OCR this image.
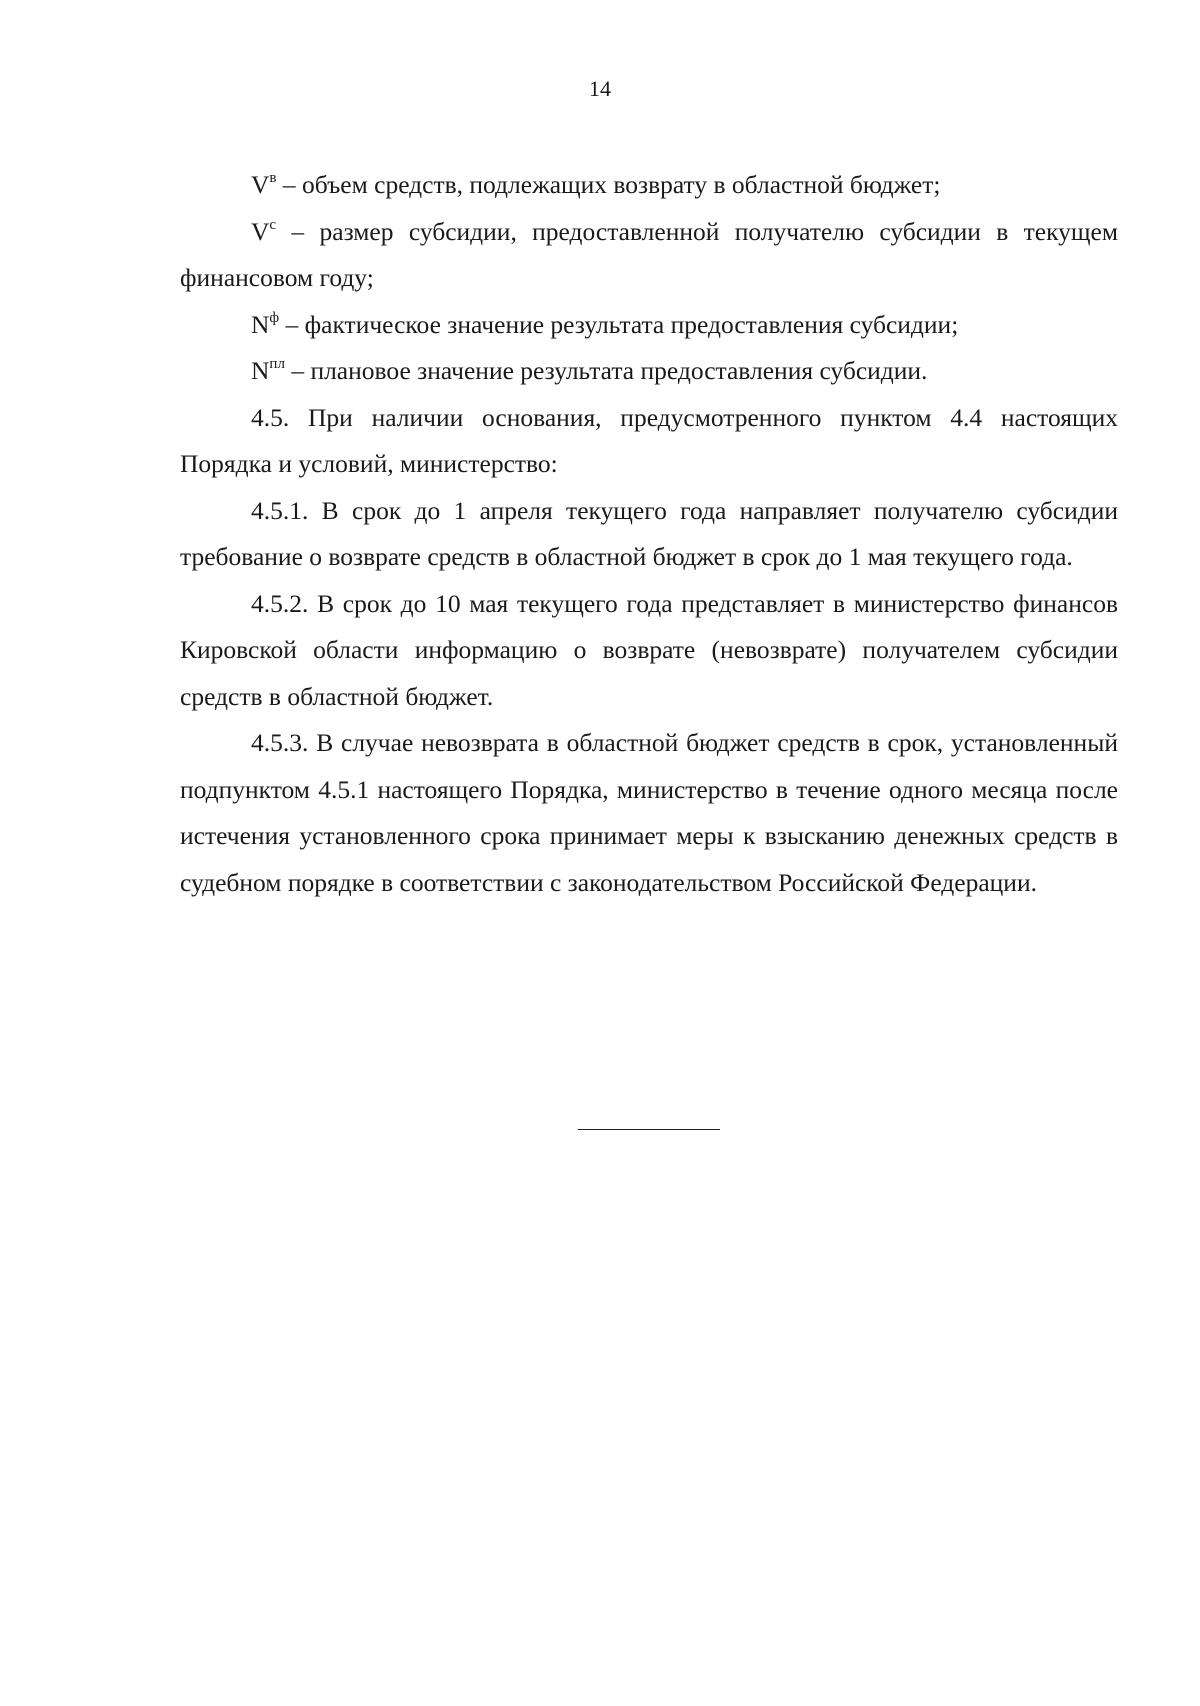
14

$V^в$ – объем средств, подлежащих возврату в областной бюджет;

$V^с$ – размер субсидии, предоставленной получателю субсидии в текущем финансовом году;

$N^ф$ – фактическое значение результата предоставления субсидии;

$N^{пл}$ – плановое значение результата предоставления субсидии.

4.5. При наличии основания, предусмотренного пунктом 4.4 настоящих Порядка и условий, министерство:

4.5.1. В срок до 1 апреля текущего года направляет получателю субсидии требование о возврате средств в областной бюджет в срок до 1 мая текущего года.

4.5.2. В срок до 10 мая текущего года представляет в министерство финансов Кировской области информацию о возврате (невозврате) получателем субсидии средств в областной бюджет.

4.5.3. В случае невозврата в областной бюджет средств в срок, установленный подпунктом 4.5.1 настоящего Порядка, министерство в течение одного месяца после истечения установленного срока принимает меры к взысканию денежных средств в судебном порядке в соответствии с законодательством Российской Федерации.
